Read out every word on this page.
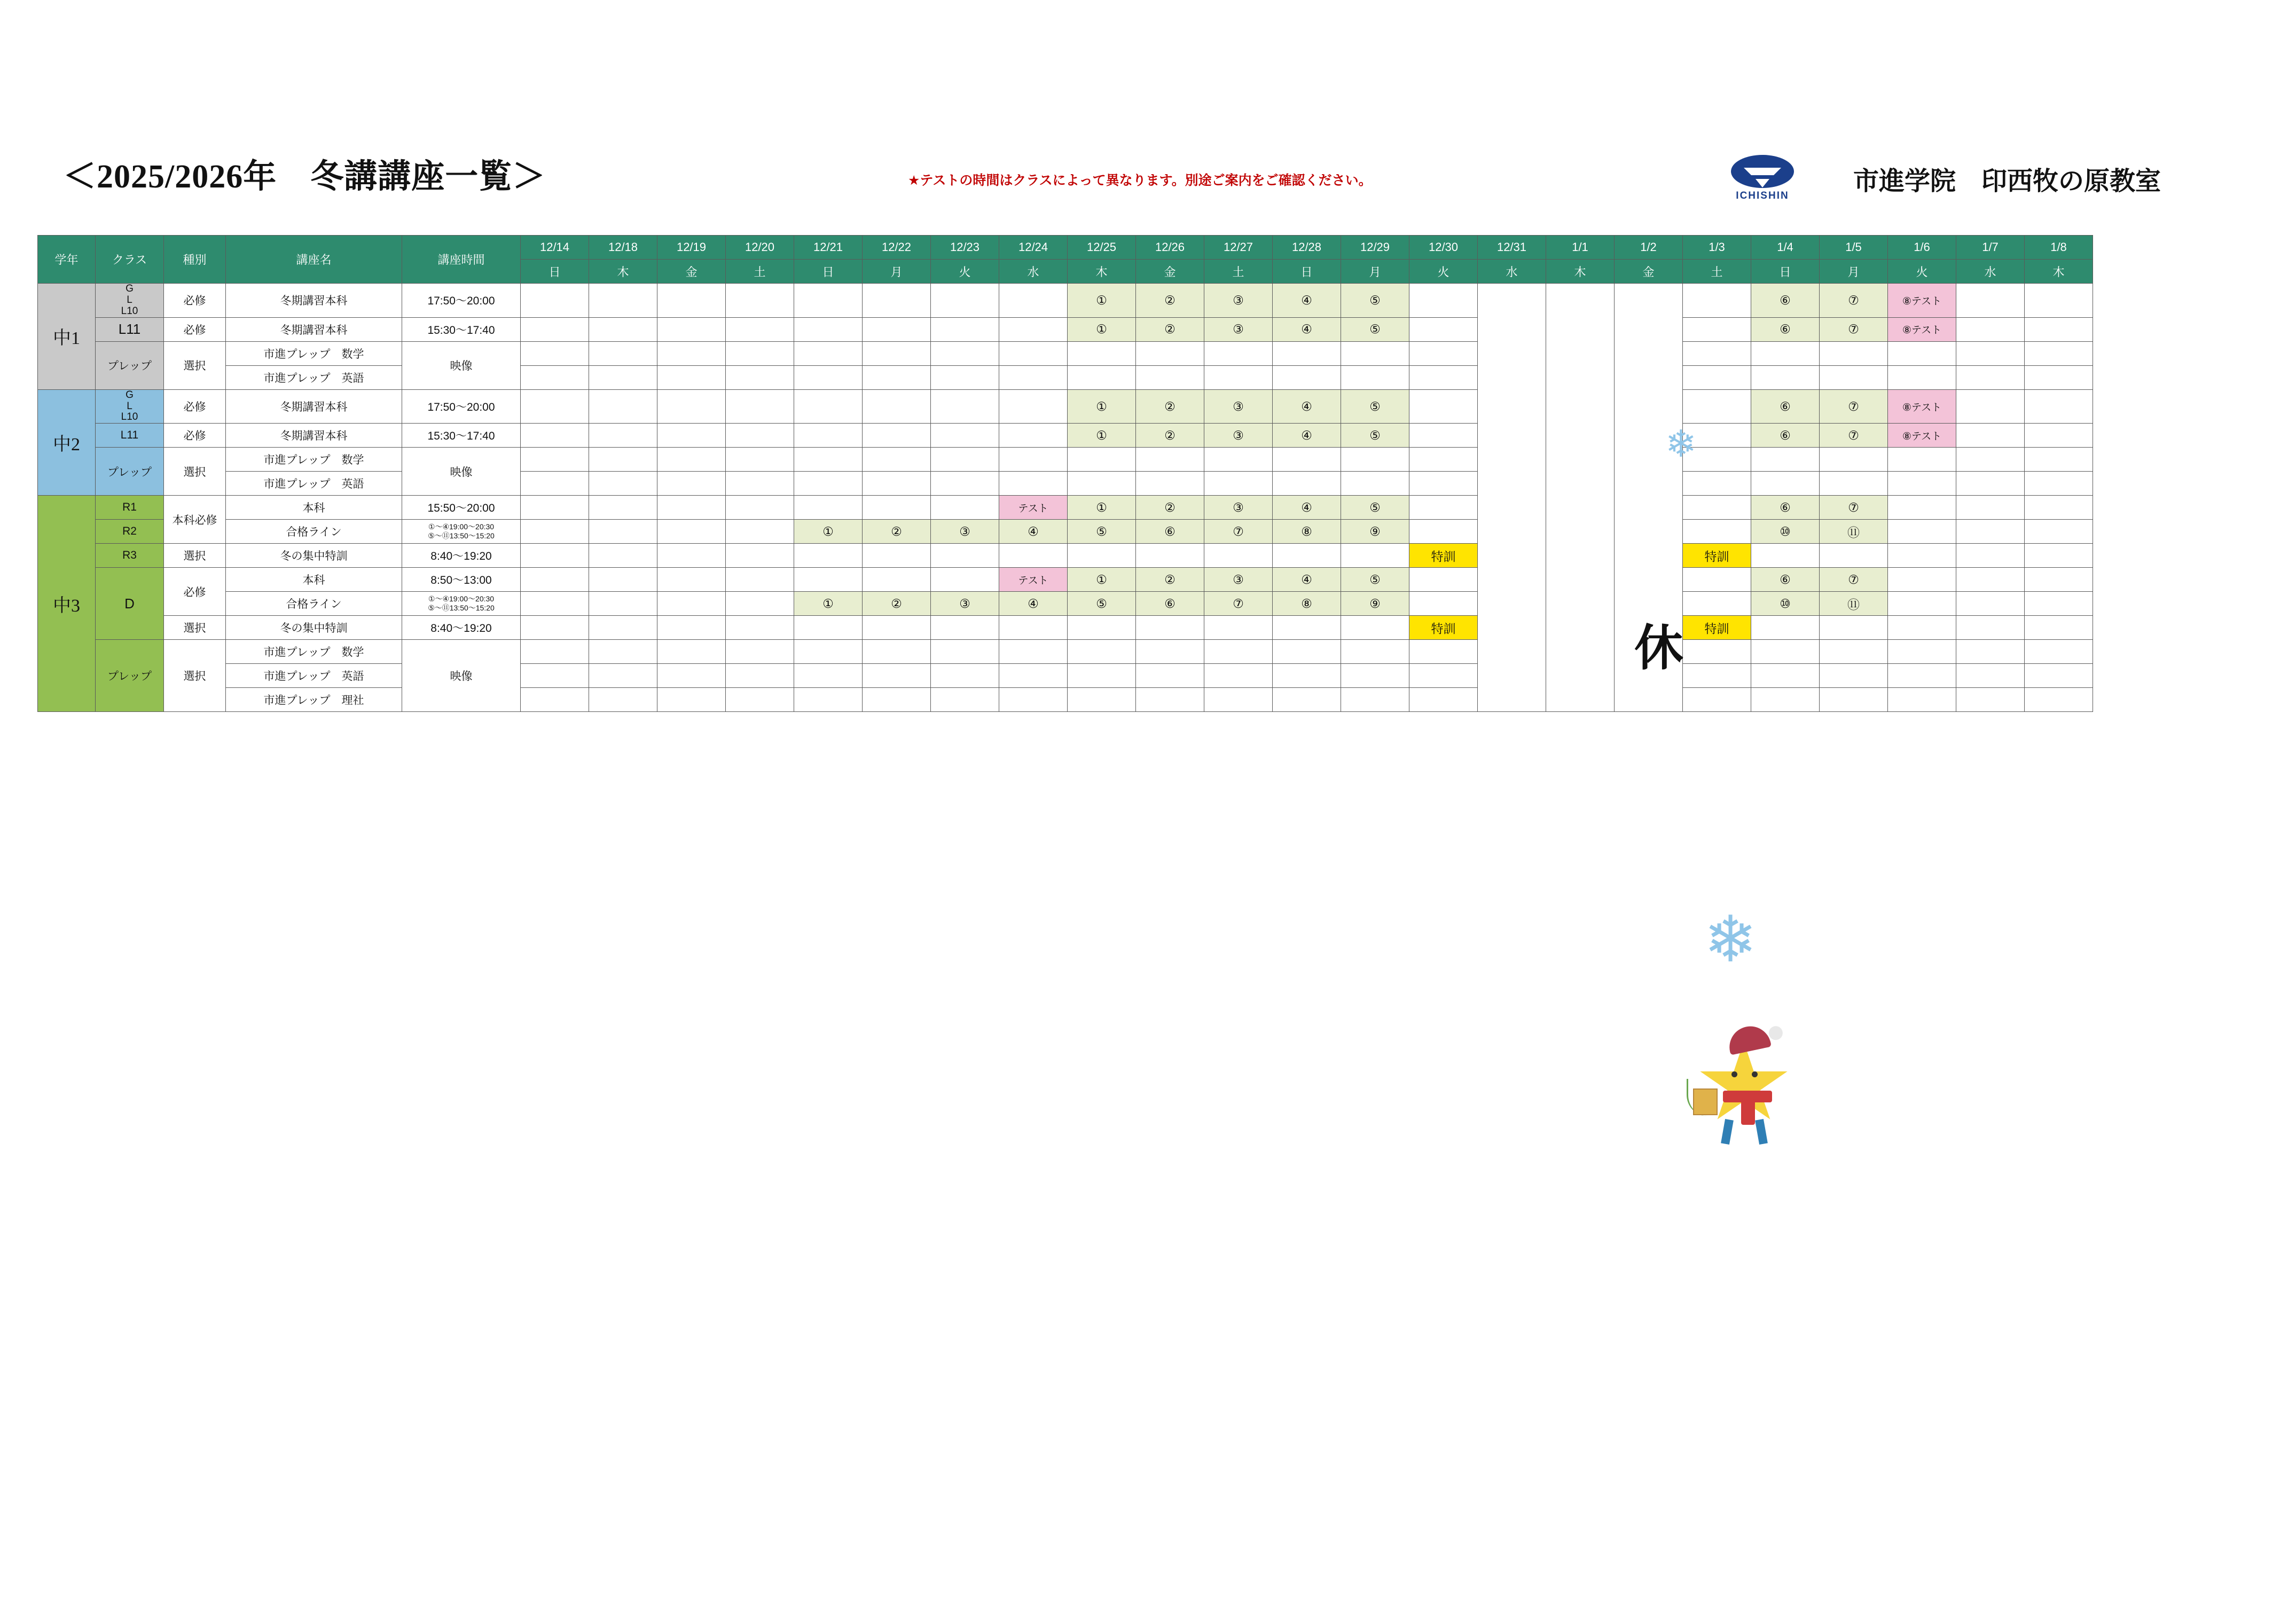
＜2025/2026年　冬講講座一覧＞	★テストの時間はクラスによって異なります。別途ご案内をご確認ください。
ICHISHIN
市進学院　印西牧の原教室
学年	クラス	種別	講座名	講座時間	12/14	12/18	12/19	12/20	12/21	12/22	12/23	12/24	12/25	12/26	12/27	12/28	12/29	12/30	12/31	1/1	1/2	1/3	1/4	1/5	1/6	1/7	1/8
					日	木	金	土	日	月	火	水	木	金	土	日	月	火	水	木	金	土	日	月	火	水	木
中1	G
L
L10	必修	冬期講習本科	17:50～20:00									①	②	③	④	⑤						⑥	⑦	⑧テスト		
	L11	必修	冬期講習本科	15:30～17:40									①	②	③	④	⑤						⑥	⑦	⑧テスト		
	プレップ	選択	市進プレップ　数学	映像																							
			市進プレップ　英語																								
中2	G
L
L10	必修	冬期講習本科	17:50～20:00									①	②	③	④	⑤						⑥	⑦	⑧テスト		
	L11	必修	冬期講習本科	15:30～17:40									①	②	③	④	⑤						⑥	⑦	⑧テスト		
	プレップ	選択	市進プレップ　数学	映像																							
			市進プレップ　英語																								
中3	R1	本科必修	本科	15:50～20:00								テスト	①	②	③	④	⑤						⑥	⑦			
	R2		合格ライン	①～④19:00～20:30
⑤～⑪13:50～15:20					①	②	③	④	⑤	⑥	⑦	⑧	⑨						⑩	⑪			
	R3	選択	冬の集中特訓	8:40～19:20														特訓				特訓					
	D	必修	本科	8:50～13:00								テスト	①	②	③	④	⑤						⑥	⑦			
			合格ライン	①～④19:00～20:30
⑤～⑪13:50～15:20					①	②	③	④	⑤	⑥	⑦	⑧	⑨						⑩	⑪			
		選択	冬の集中特訓	8:40～19:20														特訓				特訓					
	プレップ	選択	市進プレップ　数学	映像																							
			市進プレップ　英語																								
			市進プレップ　理社																								
休
❄
❄
